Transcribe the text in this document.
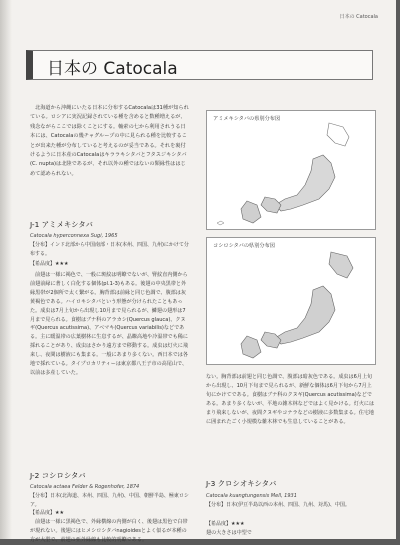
日本の Catocala
日本の Catocala
北海道から沖縄にいたる日本に分布するCatocalaは31種が知られている。ロシアに実況記録されている種を含めると数種増えるが、残念ながらここでは除くことにする。軸索の七から利用されうる日本には、Catocalaの幾チャグループの中に見られる種を比較することが出来た種が分布していると考えるのが妥当である。それを裏付けるように日本産のCatocalaはキララキシタバとフタスジキシタバ(C. nupta)は北陸であるが、それ以外の種ではないの類縁性ははじめて認められない。
J-1 アミメキシタバ
Catocala hyperconnexa Sugi, 1965
【分布】インド北部から中国南部・日本(本州、四国、九州)にかけて分布する。
【希品度】★★★
前翅は一様に褐色で、一般に斑紋は明瞭でないが、腎紋直内側から前翅前縁に著しく白化する個体(pl.1-3)もある。後翅の中央黒帯と外縁黒帯が2個所で太く繋がる。胸背部は前縁と同じ色調で、腹部は灰黄褐色である。ハイロキシタバという形態が分けられたこともあった。成虫は7月上旬から出現し10月まで見られるが、鱗翅の翅形は7月まで見られる。食樹はブナ科のアラカシ(Quercus glauca)、クヌギ(Quercus acutissima)、アベマキ(Quercus variabilis)などである。主に暖温帯の広葉樹林に生息するが、晶瞭高地や冷温帯でも稀に採れることがあり、成虫はさかり遠方まで移動する。成虫は灯火に飛来し、夜間は樹液にも集まる。一般にあまり多くない。西日本では各地で採れている。タイプロカリティーは東京都八王子市の高尾山で、以前は多産していた。
J-2 コシロシタバ
Catocala actaea Felder & Rogenhofer, 1874
【分布】日本(北海道、本州、四国、九州)、中国、朝鮮半島、極東ロシア。
【希品度】★★
前翅は一様に黒褐色で、外縁横線の内側が白く、後翅は黒色で白帯が現れない。後翅にはヒメシロシタバnagioidesとよく似るが本種の方が大型で、前翅の亜外縁線も比較的明瞭である。
アミメキシタバの県別分布図
コシロシタバの県別分布図
ない。胸背部は前翅と同じ色調で、腹部は暗灰色である。成虫は6月上旬から出現し、10月下旬まで見られるが、新鮮な個体は6月下旬から7月上旬にかけてである。食樹はブナ科のクヌギ(Quercus acutissima)などである。あまり多くないが、平地の雑木林などではよく見かける。灯火にはまり飛来しないが、夜間クヌギやコナラなどの樹液に多数集まる。住宅地に囲まれたごく小規模な雑木林でも生息していることがある。
J-3 クロシオキシタバ
Catocala kuangtungensis Mell, 1931
【分布】日本(伊豆半島以西の本州、四国、九州、対馬)、中国。
【希品度】★★★
翅の大きさは中型で
